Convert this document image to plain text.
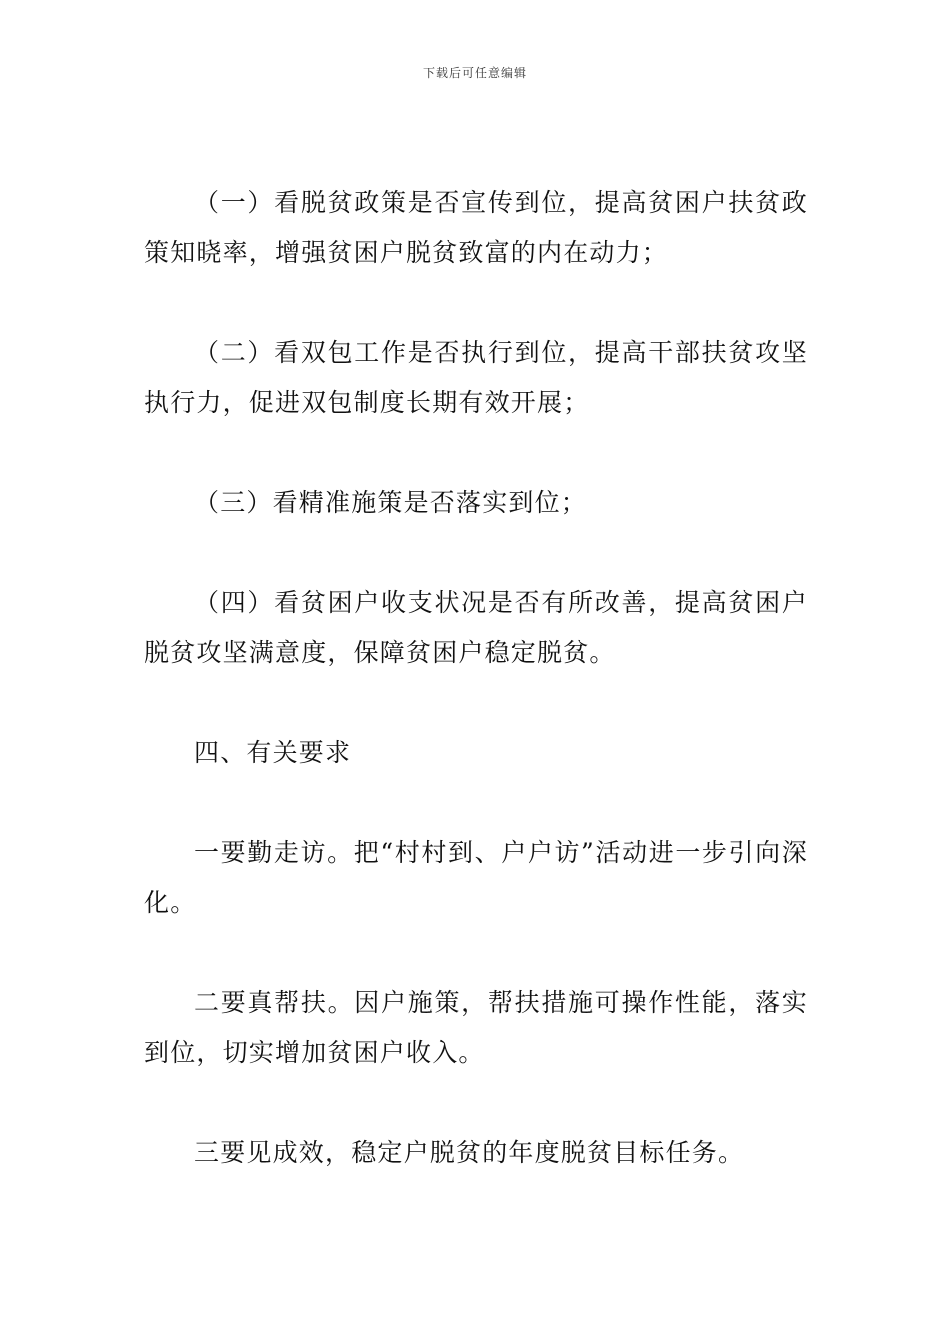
下载后可任意编辑

（一）看脱贫政策是否宣传到位，提高贫困户扶贫政策知晓率，增强贫困户脱贫致富的内在动力；

（二）看双包工作是否执行到位，提高干部扶贫攻坚执行力，促进双包制度长期有效开展；

（三）看精准施策是否落实到位；

（四）看贫困户收支状况是否有所改善，提高贫困户脱贫攻坚满意度，保障贫困户稳定脱贫。

四、有关要求

一要勤走访。把“村村到、户户访”活动进一步引向深化。

二要真帮扶。因户施策，帮扶措施可操作性能，落实到位，切实增加贫困户收入。

三要见成效，稳定户脱贫的年度脱贫目标任务。
